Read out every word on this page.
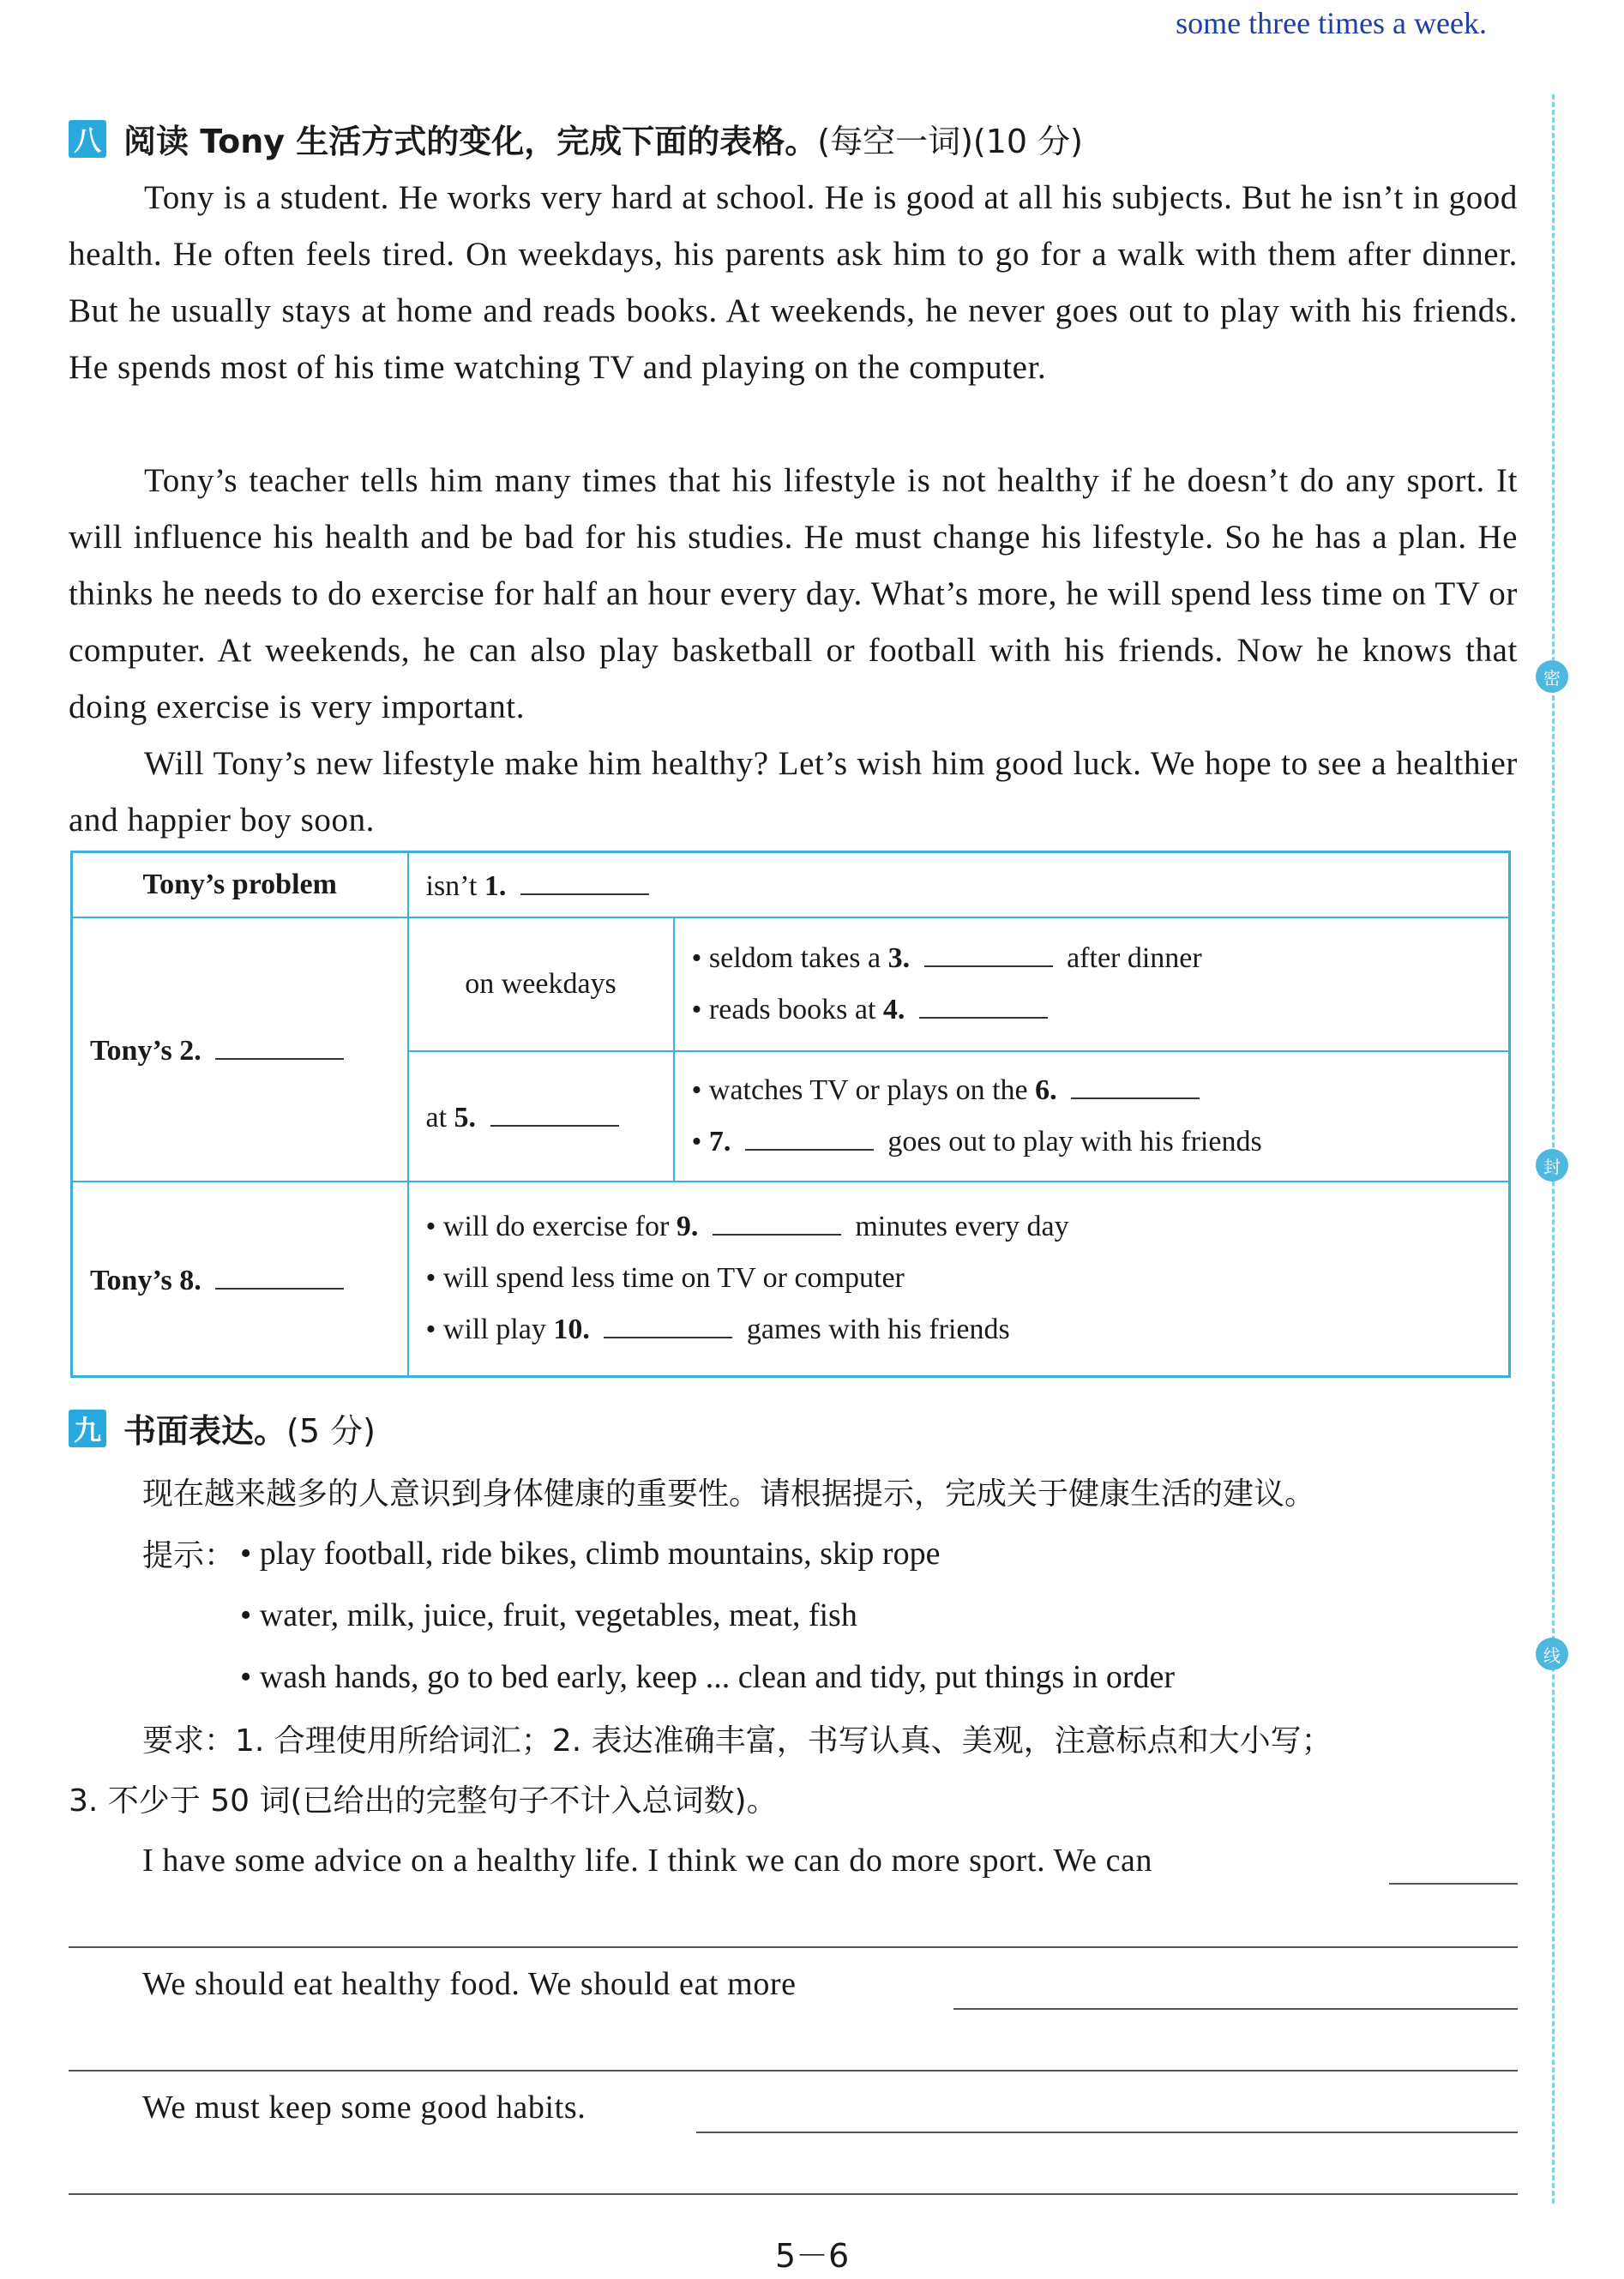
some three times a week.
密
封
线
八 阅读 Tony 生活方式的变化，完成下面的表格。 (每空一词)(10 分)
Tony is a student. He works very hard at school. He is good at all his subjects. But he isn’t in good health. He often feels tired. On weekdays, his parents ask him to go for a walk with them after dinner. But he usually stays at home and reads books. At weekends, he never goes out to play with his friends. He spends most of his time watching TV and playing on the computer.
Tony’s teacher tells him many times that his lifestyle is not healthy if he doesn’t do any sport. It will influence his health and be bad for his studies. He must change his lifestyle. So he has a plan. He thinks he needs to do exercise for half an hour every day. What’s more, he will spend less time on TV or computer. At weekends, he can also play basketball or football with his friends. Now he knows that doing exercise is very important.
Will Tony’s new lifestyle make him healthy? Let’s wish him good luck. We hope to see a healthier and happier boy soon.
Tony’s problem	isn’t 1.	
Tony’s 2.	on weekdays	• seldom takes a 3. after dinner
• reads books at 4.

	at 5.	• watches TV or plays on the 6.
• 7. goes out to play with his friends

Tony’s 8.	• will do exercise for 9. minutes every day
• will spend less time on TV or computer
• will play 10. games with his friends	
九 书面表达。 (5 分)
现在越来越多的人意识到身体健康的重要性。请根据提示，完成关于健康生活的建议。
提示： • play football, ride bikes, climb mountains, skip rope
• water, milk, juice, fruit, vegetables, meat, fish
• wash hands, go to bed early, keep ... clean and tidy, put things in order
要求：1. 合理使用所给词汇；2. 表达准确丰富，书写认真、美观，注意标点和大小写；
3. 不少于 50 词(已给出的完整句子不计入总词数)。
I have some advice on a healthy life. I think we can do more sport. We can
We should eat healthy food. We should eat more
We must keep some good habits.
5－6
